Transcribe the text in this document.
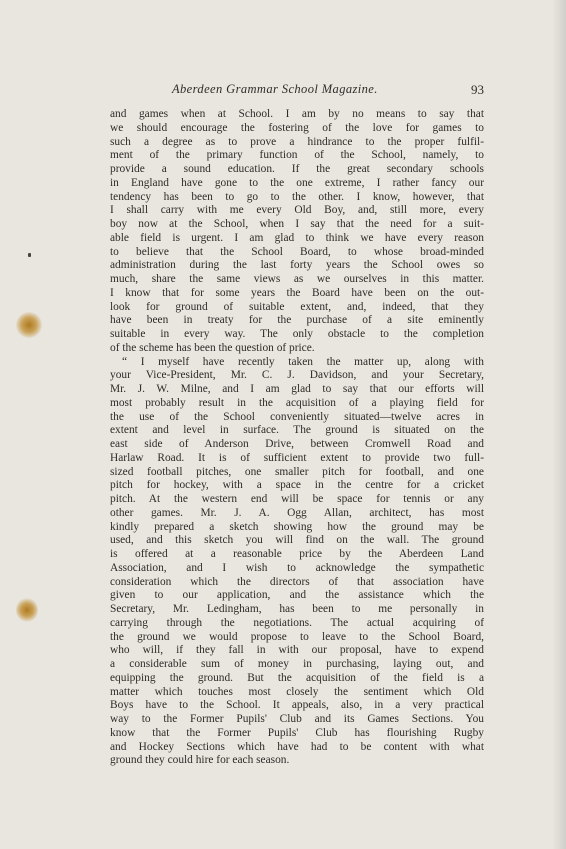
Aberdeen Grammar School Magazine.	93
and games when at School. I am by no means to say that
we should encourage the fostering of the love for games to
such a degree as to prove a hindrance to the proper fulfil-
ment of the primary function of the School, namely, to
provide a sound education. If the great secondary schools
in England have gone to the one extreme, I rather fancy our
tendency has been to go to the other. I know, however, that
I shall carry with me every Old Boy, and, still more, every
boy now at the School, when I say that the need for a suit-
able field is urgent. I am glad to think we have every reason
to believe that the School Board, to whose broad-minded
administration during the last forty years the School owes so
much, share the same views as we ourselves in this matter.
I know that for some years the Board have been on the out-
look for ground of suitable extent, and, indeed, that they
have been in treaty for the purchase of a site eminently
suitable in every way. The only obstacle to the completion
of the scheme has been the question of price.
“ I myself have recently taken the matter up, along with
your Vice-President, Mr. C. J. Davidson, and your Secretary,
Mr. J. W. Milne, and I am glad to say that our efforts will
most probably result in the acquisition of a playing field for
the use of the School conveniently situated—twelve acres in
extent and level in surface. The ground is situated on the
east side of Anderson Drive, between Cromwell Road and
Harlaw Road. It is of sufficient extent to provide two full-
sized football pitches, one smaller pitch for football, and one
pitch for hockey, with a space in the centre for a cricket
pitch. At the western end will be space for tennis or any
other games. Mr. J. A. Ogg Allan, architect, has most
kindly prepared a sketch showing how the ground may be
used, and this sketch you will find on the wall. The ground
is offered at a reasonable price by the Aberdeen Land
Association, and I wish to acknowledge the sympathetic
consideration which the directors of that association have
given to our application, and the assistance which the
Secretary, Mr. Ledingham, has been to me personally in
carrying through the negotiations. The actual acquiring of
the ground we would propose to leave to the School Board,
who will, if they fall in with our proposal, have to expend
a considerable sum of money in purchasing, laying out, and
equipping the ground. But the acquisition of the field is a
matter which touches most closely the sentiment which Old
Boys have to the School. It appeals, also, in a very practical
way to the Former Pupils' Club and its Games Sections. You
know that the Former Pupils' Club has flourishing Rugby
and Hockey Sections which have had to be content with what
ground they could hire for each season.
